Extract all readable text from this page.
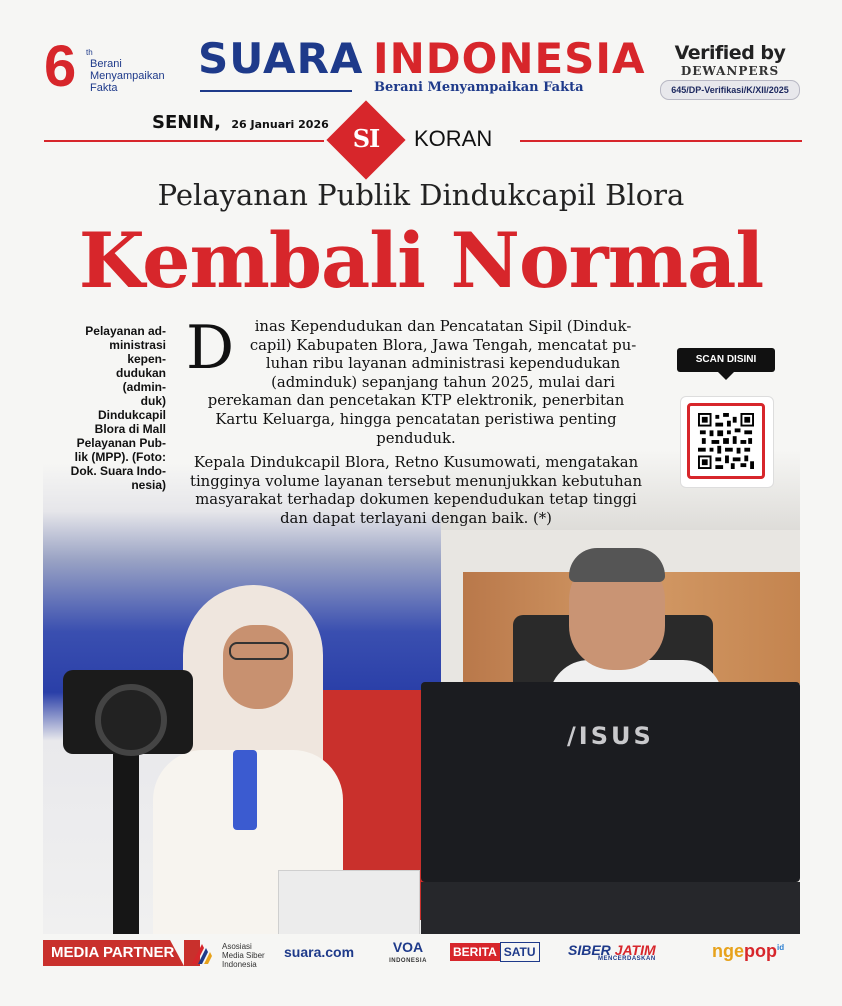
6 th
Berani
Menyampaikan
Fakta
SUARA INDONESIA
Berani Menyampaikan Fakta
Verified by
DEWANPERS
645/DP-Verifikasi/K/XII/2025
SENIN, 26 Januari 2026 SI	KORAN
Pelayanan Publik Dindukcapil Blora
Kembali Normal
/ISUS
Pelayanan ad-
ministrasi kepen-
dudukan (admin-
duk) Dindukcapil
Blora di Mall
Pelayanan Pub-
lik (MPP). (Foto:
Dok. Suara Indo-
nesia)

D inas Kependudukan dan Pencatatan Sipil (Dinduk-capil) Kabupaten Blora, Jawa Tengah, mencatat pu-luhan ribu layanan administrasi kependudukan (adminduk) sepanjang tahun 2025, mulai dari perekaman dan pencetakan KTP elektronik, penerbitan Kartu Keluarga, hingga pencatatan peristiwa penting penduduk.

Kepala Dindukcapil Blora, Retno Kusumowati, mengatakan tingginya volume layanan tersebut menunjukkan kebutuhan masyarakat terhadap dokumen kependudukan tetap tinggi dan dapat terlayani dengan baik. (*)

SCAN DISINI
MEDIA PARTNER	Asosiasi
Media Siber
Indonesia
suara.com	VOA
INDONESIA
BERITA SATU SIBER JATIM
MENCERDASKAN	ngepop$^{id}$
